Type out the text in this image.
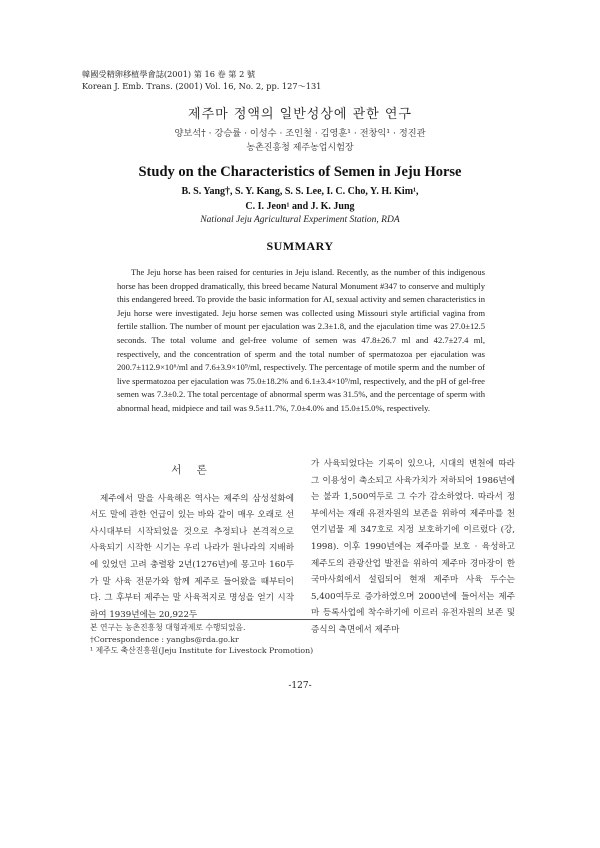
韓國受精卵移植學會誌(2001) 第 16 卷 第 2 號
Korean J. Emb. Trans. (2001) Vol. 16, No. 2, pp. 127～131
제주마 정액의 일반성상에 관한 연구
양보석† · 강승률 · 이성수 · 조인철 · 김영훈¹ · 전창익¹ · 정진관
농촌진흥청 제주농업시험장
Study on the Characteristics of Semen in Jeju Horse
B. S. Yang†, S. Y. Kang, S. S. Lee, I. C. Cho, Y. H. Kim¹,
C. I. Jeon¹ and J. K. Jung
National Jeju Agricultural Experiment Station, RDA
SUMMARY

The Jeju horse has been raised for centuries in Jeju island. Recently, as the number of this indigenous horse has been dropped dramatically, this breed became Natural Monument #347 to conserve and multiply this endangered breed. To provide the basic information for AI, sexual activity and semen characteristics in Jeju horse were investigated. Jeju horse semen was collected using Missouri style artificial vagina from fertile stallion. The number of mount per ejaculation was 2.3±1.8, and the ejaculation time was 27.0±12.5 seconds. The total volume and gel-free volume of semen was 47.8±26.7 ml and 42.7±27.4 ml, respectively, and the concentration of sperm and the total number of spermatozoa per ejaculation was 200.7±112.9×10⁶/ml and 7.6±3.9×10⁹/ml, respectively. The percentage of motile sperm and the number of live spermatozoa per ejaculation was 75.0±18.2% and 6.1±3.4×10⁹/ml, respectively, and the pH of gel-free semen was 7.3±0.2. The total percentage of abnormal sperm was 31.5%, and the percentage of sperm with abnormal head, midpiece and tail was 9.5±11.7%, 7.0±4.0% and 15.0±15.0%, respectively.

서 론

제주에서 말을 사육해온 역사는 제주의 삼성설화에서도 말에 관한 언급이 있는 바와 같이 매우 오래로 선사시대부터 시작되었을 것으로 추정되나 본격적으로 사육되기 시작한 시기는 우리 나라가 원나라의 지배하에 있었던 고려 충렬왕 2년(1276년)에 몽고마 160두가 말 사육 전문가와 함께 제주로 들어왔을 때부터이다. 그 후부터 제주는 말 사육적지로 명성을 얻기 시작하여 1939년에는 20,922두

가 사육되었다는 기록이 있으나, 시대의 변천에 따라 그 이용성이 축소되고 사육가치가 저하되어 1986년에는 불과 1,500여두로 그 수가 감소하였다. 따라서 정부에서는 재래 유전자원의 보존을 위하여 제주마를 천연기념물 제 347호로 지정 보호하기에 이르렀다 (강, 1998). 이후 1990년에는 제주마를 보호 · 육성하고 제주도의 관광산업 발전을 위하여 제주마 경마장이 한국마사회에서 설립되어 현재 제주마 사육 두수는 5,400여두로 증가하였으며 2000년에 들어서는 제주마 등록사업에 착수하기에 이르러 유전자원의 보존 및 증식의 측면에서 제주마

본 연구는 농촌진흥청 대형과제로 수행되었음.
†Correspondence : yangbs@rda.go.kr
¹ 제주도 축산진흥원(Jeju Institute for Livestock Promotion)
-127-
